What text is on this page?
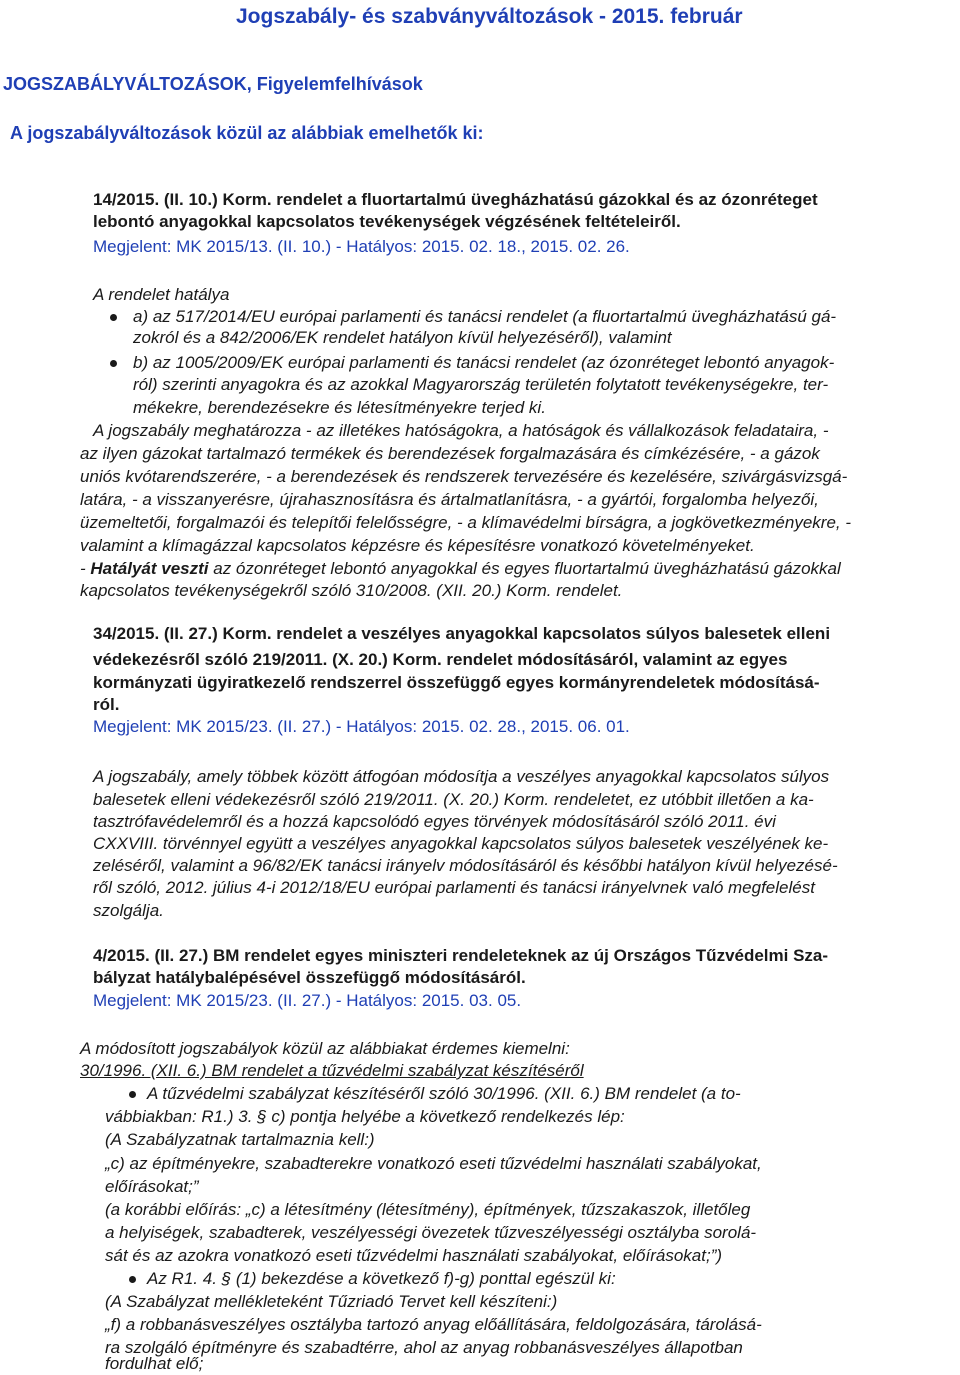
Jogszabály- és szabványváltozások - 2015. február
JOGSZABÁLYVÁLTOZÁSOK, Figyelemfelhívások
A jogszabályváltozások közül az alábbiak emelhetők ki:
14/2015. (II. 10.) Korm. rendelet a fluortartalmú üvegházhatású gázokkal és az ózonréteget
lebontó anyagokkal kapcsolatos tevékenységek végzésének feltételeiről.
Megjelent: MK 2015/13. (II. 10.) - Hatályos: 2015. 02. 18., 2015. 02. 26.
A rendelet hatálya
a) az 517/2014/EU európai parlamenti és tanácsi rendelet (a fluortartalmú üvegházhatású gá-
zokról és a 842/2006/EK rendelet hatályon kívül helyezéséről), valamint
b) az 1005/2009/EK európai parlamenti és tanácsi rendelet (az ózonréteget lebontó anyagok-
ról) szerinti anyagokra és az azokkal Magyarország területén folytatott tevékenységekre, ter-
mékekre, berendezésekre és létesítményekre terjed ki.
A jogszabály meghatározza - az illetékes hatóságokra, a hatóságok és vállalkozások feladataira, -
az ilyen gázokat tartalmazó termékek és berendezések forgalmazására és címkézésére, - a gázok
uniós kvótarendszerére, - a berendezések és rendszerek tervezésére és kezelésére, szivárgásvizsgá-
latára, - a visszanyerésre, újrahasznosításra és ártalmatlanításra, - a gyártói, forgalomba helyezői,
üzemeltetői, forgalmazói és telepítői felelősségre, - a klímavédelmi bírságra, a jogkövetkezményekre, -
valamint a klímagázzal kapcsolatos képzésre és képesítésre vonatkozó követelményeket.
- Hatályát veszti az ózonréteget lebontó anyagokkal és egyes fluortartalmú üvegházhatású gázokkal
kapcsolatos tevékenységekről szóló 310/2008. (XII. 20.) Korm. rendelet.
34/2015. (II. 27.) Korm. rendelet a veszélyes anyagokkal kapcsolatos súlyos balesetek elleni
védekezésről szóló 219/2011. (X. 20.) Korm. rendelet módosításáról, valamint az egyes
kormányzati ügyiratkezelő rendszerrel összefüggő egyes kormányrendeletek módosításá-
ról.
Megjelent: MK 2015/23. (II. 27.) - Hatályos: 2015. 02. 28., 2015. 06. 01.
A jogszabály, amely többek között átfogóan módosítja a veszélyes anyagokkal kapcsolatos súlyos
balesetek elleni védekezésről szóló 219/2011. (X. 20.) Korm. rendeletet, ez utóbbit illetően a ka-
tasztrófavédelemről és a hozzá kapcsolódó egyes törvények módosításáról szóló 2011. évi
CXXVIII. törvénnyel együtt a veszélyes anyagokkal kapcsolatos súlyos balesetek veszélyének ke-
zeléséről, valamint a 96/82/EK tanácsi irányelv módosításáról és későbbi hatályon kívül helyezésé-
ről szóló, 2012. július 4-i 2012/18/EU európai parlamenti és tanácsi irányelvnek való megfelelést
szolgálja.
4/2015. (II. 27.) BM rendelet egyes miniszteri rendeleteknek az új Országos Tűzvédelmi Sza-
bályzat hatálybalépésével összefüggő módosításáról.
Megjelent: MK 2015/23. (II. 27.) - Hatályos: 2015. 03. 05.
A módosított jogszabályok közül az alábbiakat érdemes kiemelni:
30/1996. (XII. 6.) BM rendelet a tűzvédelmi szabályzat készítéséről
A tűzvédelmi szabályzat készítéséről szóló 30/1996. (XII. 6.) BM rendelet (a to-
vábbiakban: R1.) 3. § c) pontja helyébe a következő rendelkezés lép:
(A Szabályzatnak tartalmaznia kell:)
„c) az építményekre, szabadterekre vonatkozó eseti tűzvédelmi használati szabályokat,
előírásokat;”
(a korábbi előírás: „c) a létesítmény (létesítmény), építmények, tűzszakaszok, illetőleg
a helyiségek, szabadterek, veszélyességi övezetek tűzveszélyességi osztályba sorolá-
sát és az azokra vonatkozó eseti tűzvédelmi használati szabályokat, előírásokat;”)
Az R1. 4. § (1) bekezdése a következő f)-g) ponttal egészül ki:
(A Szabályzat mellékleteként Tűzriadó Tervet kell készíteni:)
„f) a robbanásveszélyes osztályba tartozó anyag előállítására, feldolgozására, tárolásá-
ra szolgáló építményre és szabadtérre, ahol az anyag robbanásveszélyes állapotban
fordulhat elő;
